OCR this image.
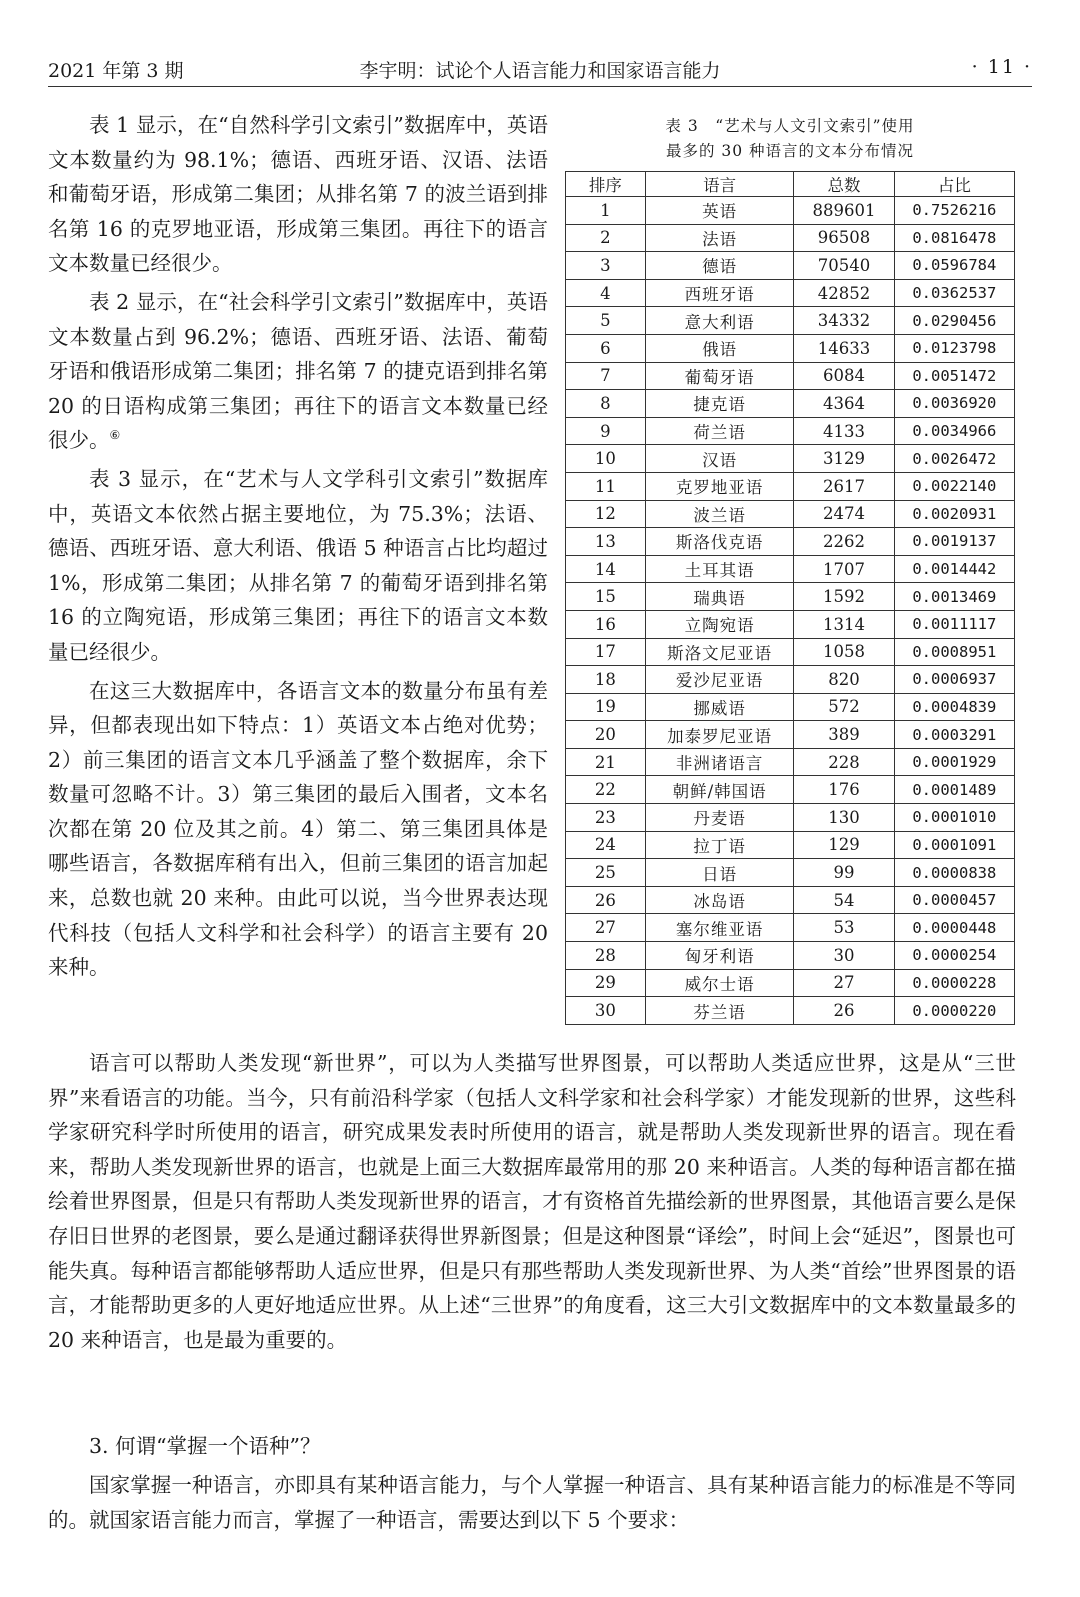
2021 年第 3 期	李宇明：试论个人语言能力和国家语言能力	· 11 ·

表 1 显示，在“自然科学引文索引”数据库中，英语文本数量约为 98.1%；德语、西班牙语、汉语、法语和葡萄牙语，形成第二集团；从排名第 7 的波兰语到排名第 16 的克罗地亚语，形成第三集团。再往下的语言文本数量已经很少。

表 2 显示，在“社会科学引文索引”数据库中，英语文本数量占到 96.2%；德语、西班牙语、法语、葡萄牙语和俄语形成第二集团；排名第 7 的捷克语到排名第 20 的日语构成第三集团；再往下的语言文本数量已经很少。⑥

表 3 显示，在“艺术与人文学科引文索引”数据库中，英语文本依然占据主要地位，为 75.3%；法语、德语、西班牙语、意大利语、俄语 5 种语言占比均超过 1%，形成第二集团；从排名第 7 的葡萄牙语到排名第 16 的立陶宛语，形成第三集团；再往下的语言文本数量已经很少。

在这三大数据库中，各语言文本的数量分布虽有差异，但都表现出如下特点：1）英语文本占绝对优势；2）前三集团的语言文本几乎涵盖了整个数据库，余下数量可忽略不计。3）第三集团的最后入围者，文本名次都在第 20 位及其之前。4）第二、第三集团具体是哪些语言，各数据库稍有出入，但前三集团的语言加起来，总数也就 20 来种。由此可以说，当今世界表达现代科技（包括人文科学和社会科学）的语言主要有 20 来种。

表 3　“艺术与人文引文索引”使用
最多的 30 种语言的文本分布情况
排序	语言	总数	占比
1	英语	889601	0.7526216
2	法语	96508	0.0816478
3	德语	70540	0.0596784
4	西班牙语	42852	0.0362537
5	意大利语	34332	0.0290456
6	俄语	14633	0.0123798
7	葡萄牙语	6084	0.0051472
8	捷克语	4364	0.0036920
9	荷兰语	4133	0.0034966
10	汉语	3129	0.0026472
11	克罗地亚语	2617	0.0022140
12	波兰语	2474	0.0020931
13	斯洛伐克语	2262	0.0019137
14	土耳其语	1707	0.0014442
15	瑞典语	1592	0.0013469
16	立陶宛语	1314	0.0011117
17	斯洛文尼亚语	1058	0.0008951
18	爱沙尼亚语	820	0.0006937
19	挪威语	572	0.0004839
20	加泰罗尼亚语	389	0.0003291
21	非洲诸语言	228	0.0001929
22	朝鲜/韩国语	176	0.0001489
23	丹麦语	130	0.0001010
24	拉丁语	129	0.0001091
25	日语	99	0.0000838
26	冰岛语	54	0.0000457
27	塞尔维亚语	53	0.0000448
28	匈牙利语	30	0.0000254
29	威尔士语	27	0.0000228
30	芬兰语	26	0.0000220

语言可以帮助人类发现“新世界”，可以为人类描写世界图景，可以帮助人类适应世界，这是从“三世界”来看语言的功能。当今，只有前沿科学家（包括人文科学家和社会科学家）才能发现新的世界，这些科学家研究科学时所使用的语言，研究成果发表时所使用的语言，就是帮助人类发现新世界的语言。现在看来，帮助人类发现新世界的语言，也就是上面三大数据库最常用的那 20 来种语言。人类的每种语言都在描绘着世界图景，但是只有帮助人类发现新世界的语言，才有资格首先描绘新的世界图景，其他语言要么是保存旧日世界的老图景，要么是通过翻译获得世界新图景；但是这种图景“译绘”，时间上会“延迟”，图景也可能失真。每种语言都能够帮助人适应世界，但是只有那些帮助人类发现新世界、为人类“首绘”世界图景的语言，才能帮助更多的人更好地适应世界。从上述“三世界”的角度看，这三大引文数据库中的文本数量最多的 20 来种语言，也是最为重要的。

3. 何谓“掌握一个语种”？

国家掌握一种语言，亦即具有某种语言能力，与个人掌握一种语言、具有某种语言能力的标准是不等同的。就国家语言能力而言，掌握了一种语言，需要达到以下 5 个要求：
